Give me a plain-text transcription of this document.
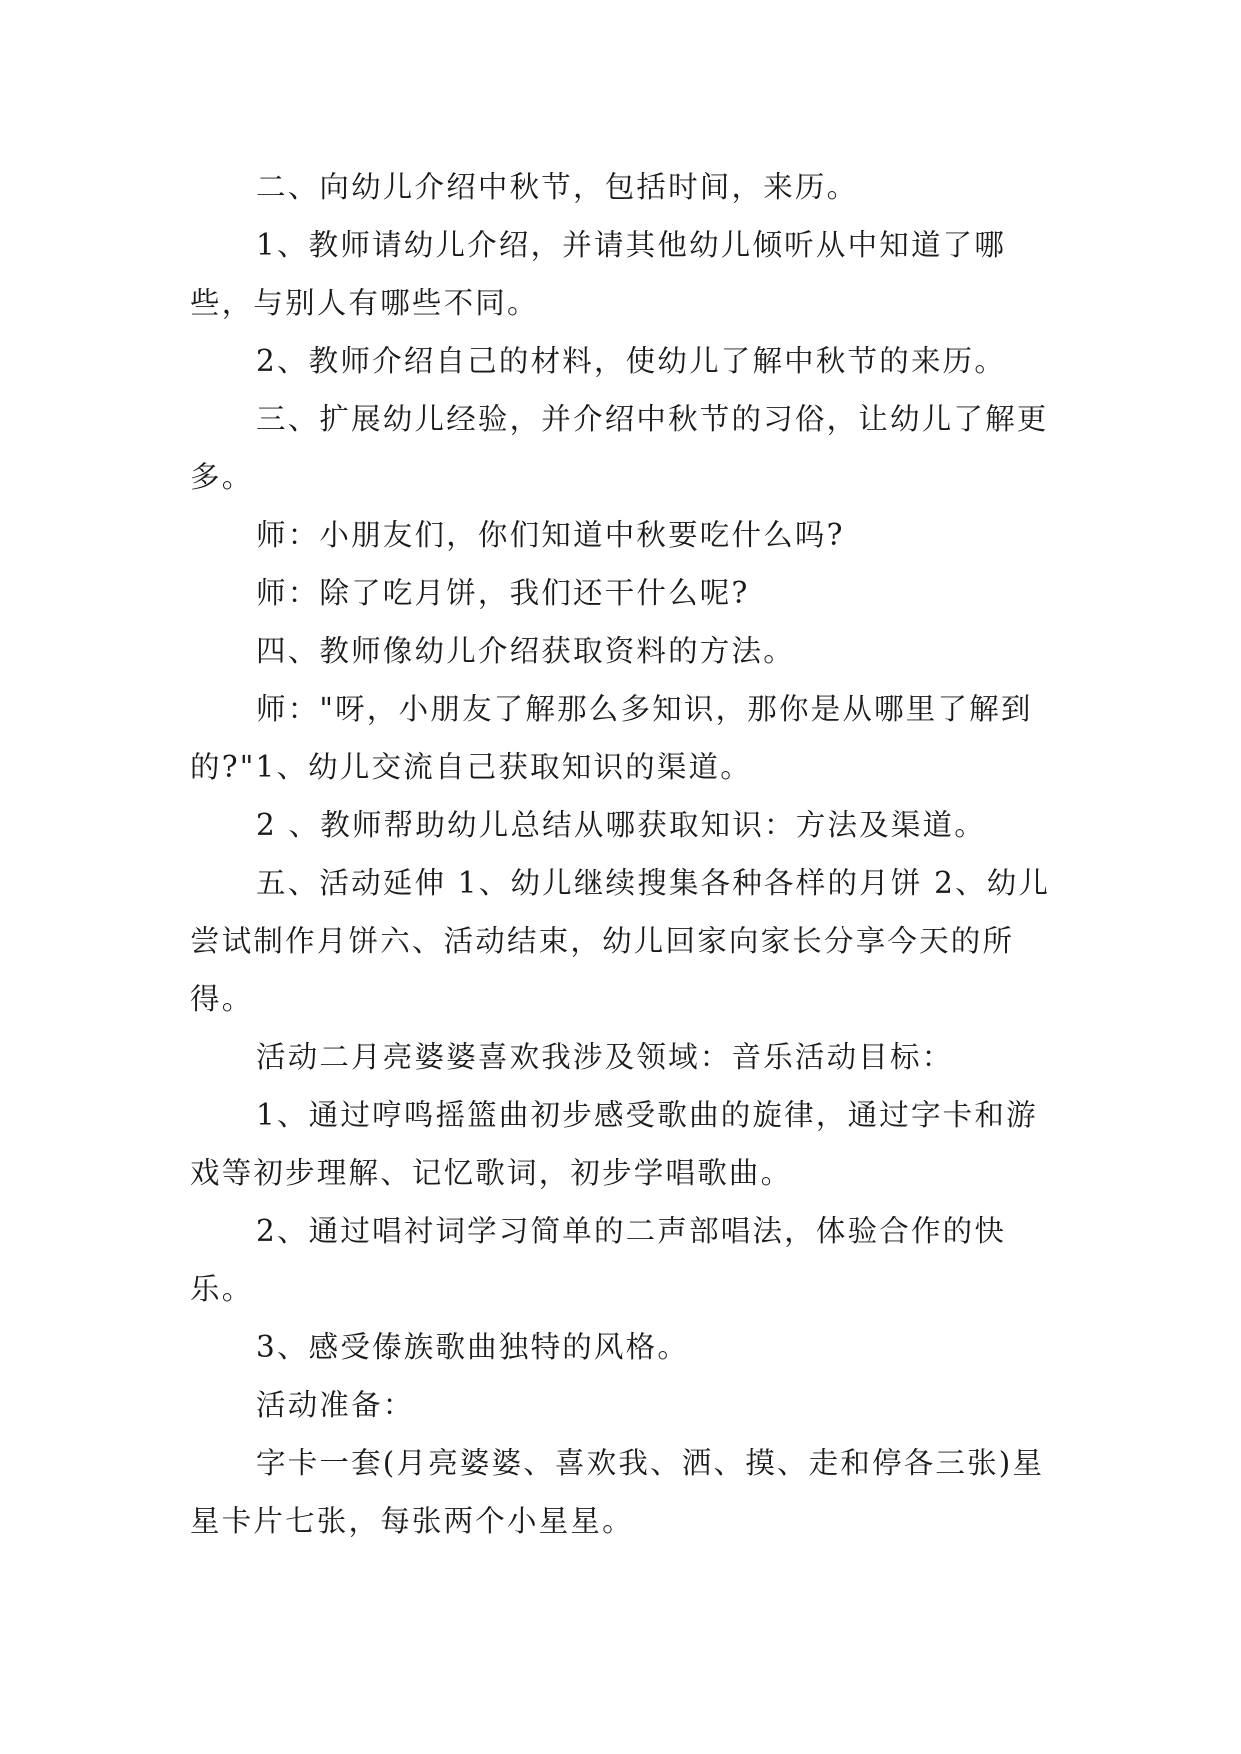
二、向幼儿介绍中秋节，包括时间，来历。

1、教师请幼儿介绍，并请其他幼儿倾听从中知道了哪些，与别人有哪些不同。

2、教师介绍自己的材料，使幼儿了解中秋节的来历。

三、扩展幼儿经验，并介绍中秋节的习俗，让幼儿了解更多。

师：小朋友们，你们知道中秋要吃什么吗?

师：除了吃月饼，我们还干什么呢?

四、教师像幼儿介绍获取资料的方法。

师："呀，小朋友了解那么多知识，那你是从哪里了解到的?"1、幼儿交流自己获取知识的渠道。

2 、教师帮助幼儿总结从哪获取知识：方法及渠道。

五、活动延伸 1、幼儿继续搜集各种各样的月饼 2、幼儿尝试制作月饼六、活动结束，幼儿回家向家长分享今天的所得。

活动二月亮婆婆喜欢我涉及领域：音乐活动目标：

1、通过哼鸣摇篮曲初步感受歌曲的旋律，通过字卡和游戏等初步理解、记忆歌词，初步学唱歌曲。

2、通过唱衬词学习简单的二声部唱法，体验合作的快乐。

3、感受傣族歌曲独特的风格。

活动准备：

字卡一套(月亮婆婆、喜欢我、洒、摸、走和停各三张)星星卡片七张，每张两个小星星。
